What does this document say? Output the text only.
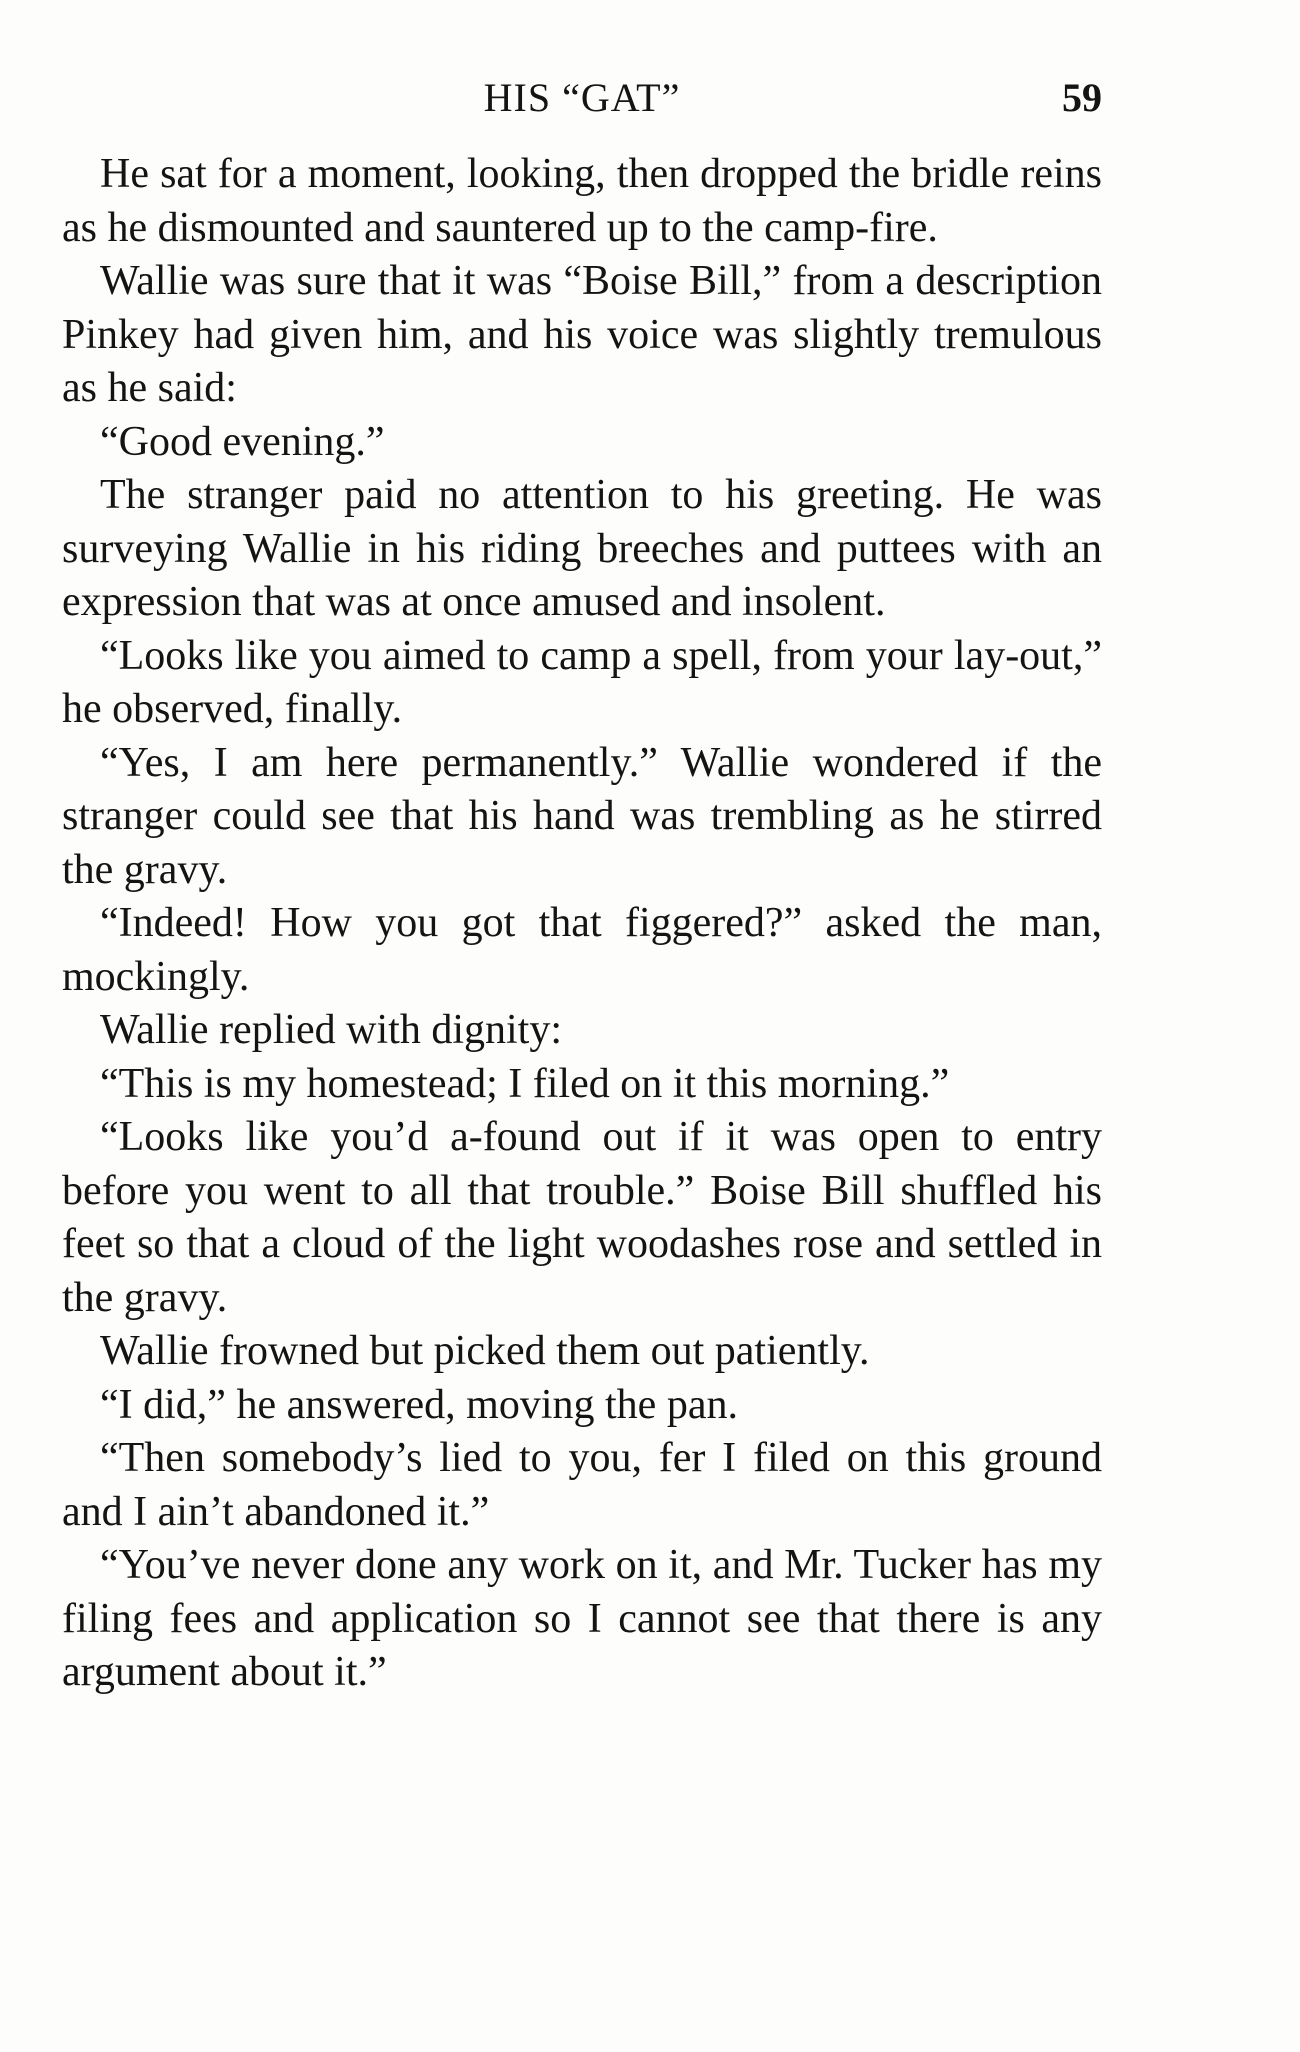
HIS “GAT”	59

He sat for a moment, looking, then dropped the bridle reins as he dismounted and sauntered up to the camp-fire.

Wallie was sure that it was “Boise Bill,” from a description Pinkey had given him, and his voice was slightly tremulous as he said:

“Good evening.”

The stranger paid no attention to his greeting. He was surveying Wallie in his riding breeches and puttees with an expression that was at once amused and insolent.

“Looks like you aimed to camp a spell, from your lay-out,” he observed, finally.

“Yes, I am here permanently.” Wallie wondered if the stranger could see that his hand was trembling as he stirred the gravy.

“Indeed! How you got that figgered?” asked the man, mockingly.

Wallie replied with dignity:

“This is my homestead; I filed on it this morning.”

“Looks like you’d a-found out if it was open to entry before you went to all that trouble.” Boise Bill shuffled his feet so that a cloud of the light woodashes rose and settled in the gravy.

Wallie frowned but picked them out patiently.

“I did,” he answered, moving the pan.

“Then somebody’s lied to you, fer I filed on this ground and I ain’t abandoned it.”

“You’ve never done any work on it, and Mr. Tucker has my filing fees and application so I cannot see that there is any argument about it.”
